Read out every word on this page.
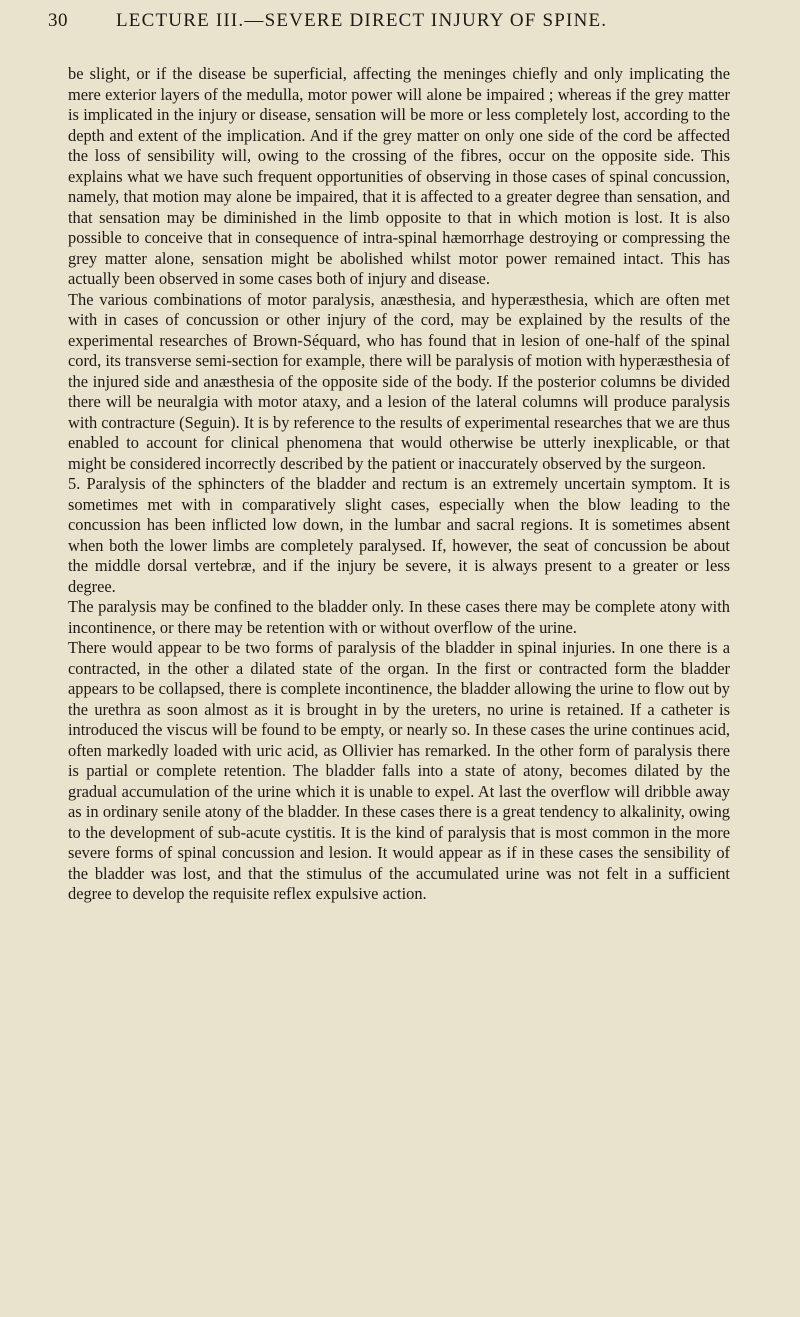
30	LECTURE III.—SEVERE DIRECT INJURY OF SPINE.

be slight, or if the disease be superficial, affecting the meninges chiefly and only implicating the mere exterior layers of the medulla, motor power will alone be impaired ; whereas if the grey matter is implicated in the injury or disease, sensation will be more or less completely lost, according to the depth and extent of the implication. And if the grey matter on only one side of the cord be affected the loss of sensibility will, owing to the crossing of the fibres, occur on the opposite side. This explains what we have such frequent opportunities of observing in those cases of spinal concussion, namely, that motion may alone be impaired, that it is affected to a greater degree than sensation, and that sensation may be diminished in the limb opposite to that in which motion is lost. It is also possible to conceive that in consequence of intra-spinal hæmorrhage destroying or compressing the grey matter alone, sensation might be abolished whilst motor power remained intact. This has actually been observed in some cases both of injury and disease.

The various combinations of motor paralysis, anæsthesia, and hyperæsthesia, which are often met with in cases of concussion or other injury of the cord, may be explained by the results of the experimental researches of Brown-Séquard, who has found that in lesion of one-half of the spinal cord, its transverse semi-section for example, there will be paralysis of motion with hyperæsthesia of the injured side and anæsthesia of the opposite side of the body. If the posterior columns be divided there will be neuralgia with motor ataxy, and a lesion of the lateral columns will produce paralysis with contracture (Seguin). It is by reference to the results of experimental researches that we are thus enabled to account for clinical phenomena that would otherwise be utterly inexplicable, or that might be considered incorrectly described by the patient or inaccurately observed by the surgeon.

5. Paralysis of the sphincters of the bladder and rectum is an extremely uncertain symptom. It is sometimes met with in comparatively slight cases, especially when the blow leading to the concussion has been inflicted low down, in the lumbar and sacral regions. It is sometimes absent when both the lower limbs are completely paralysed. If, however, the seat of concussion be about the middle dorsal vertebræ, and if the injury be severe, it is always present to a greater or less degree.

The paralysis may be confined to the bladder only. In these cases there may be complete atony with incontinence, or there may be retention with or without overflow of the urine.

There would appear to be two forms of paralysis of the bladder in spinal injuries. In one there is a contracted, in the other a dilated state of the organ. In the first or contracted form the bladder appears to be collapsed, there is complete incontinence, the bladder allowing the urine to flow out by the urethra as soon almost as it is brought in by the ureters, no urine is retained. If a catheter is introduced the viscus will be found to be empty, or nearly so. In these cases the urine continues acid, often markedly loaded with uric acid, as Ollivier has remarked. In the other form of paralysis there is partial or complete retention. The bladder falls into a state of atony, becomes dilated by the gradual accumulation of the urine which it is unable to expel. At last the overflow will dribble away as in ordinary senile atony of the bladder. In these cases there is a great tendency to alkalinity, owing to the development of sub-acute cystitis. It is the kind of paralysis that is most common in the more severe forms of spinal concussion and lesion. It would appear as if in these cases the sensibility of the bladder was lost, and that the stimulus of the accumulated urine was not felt in a sufficient degree to develop the requisite reflex expulsive action.
